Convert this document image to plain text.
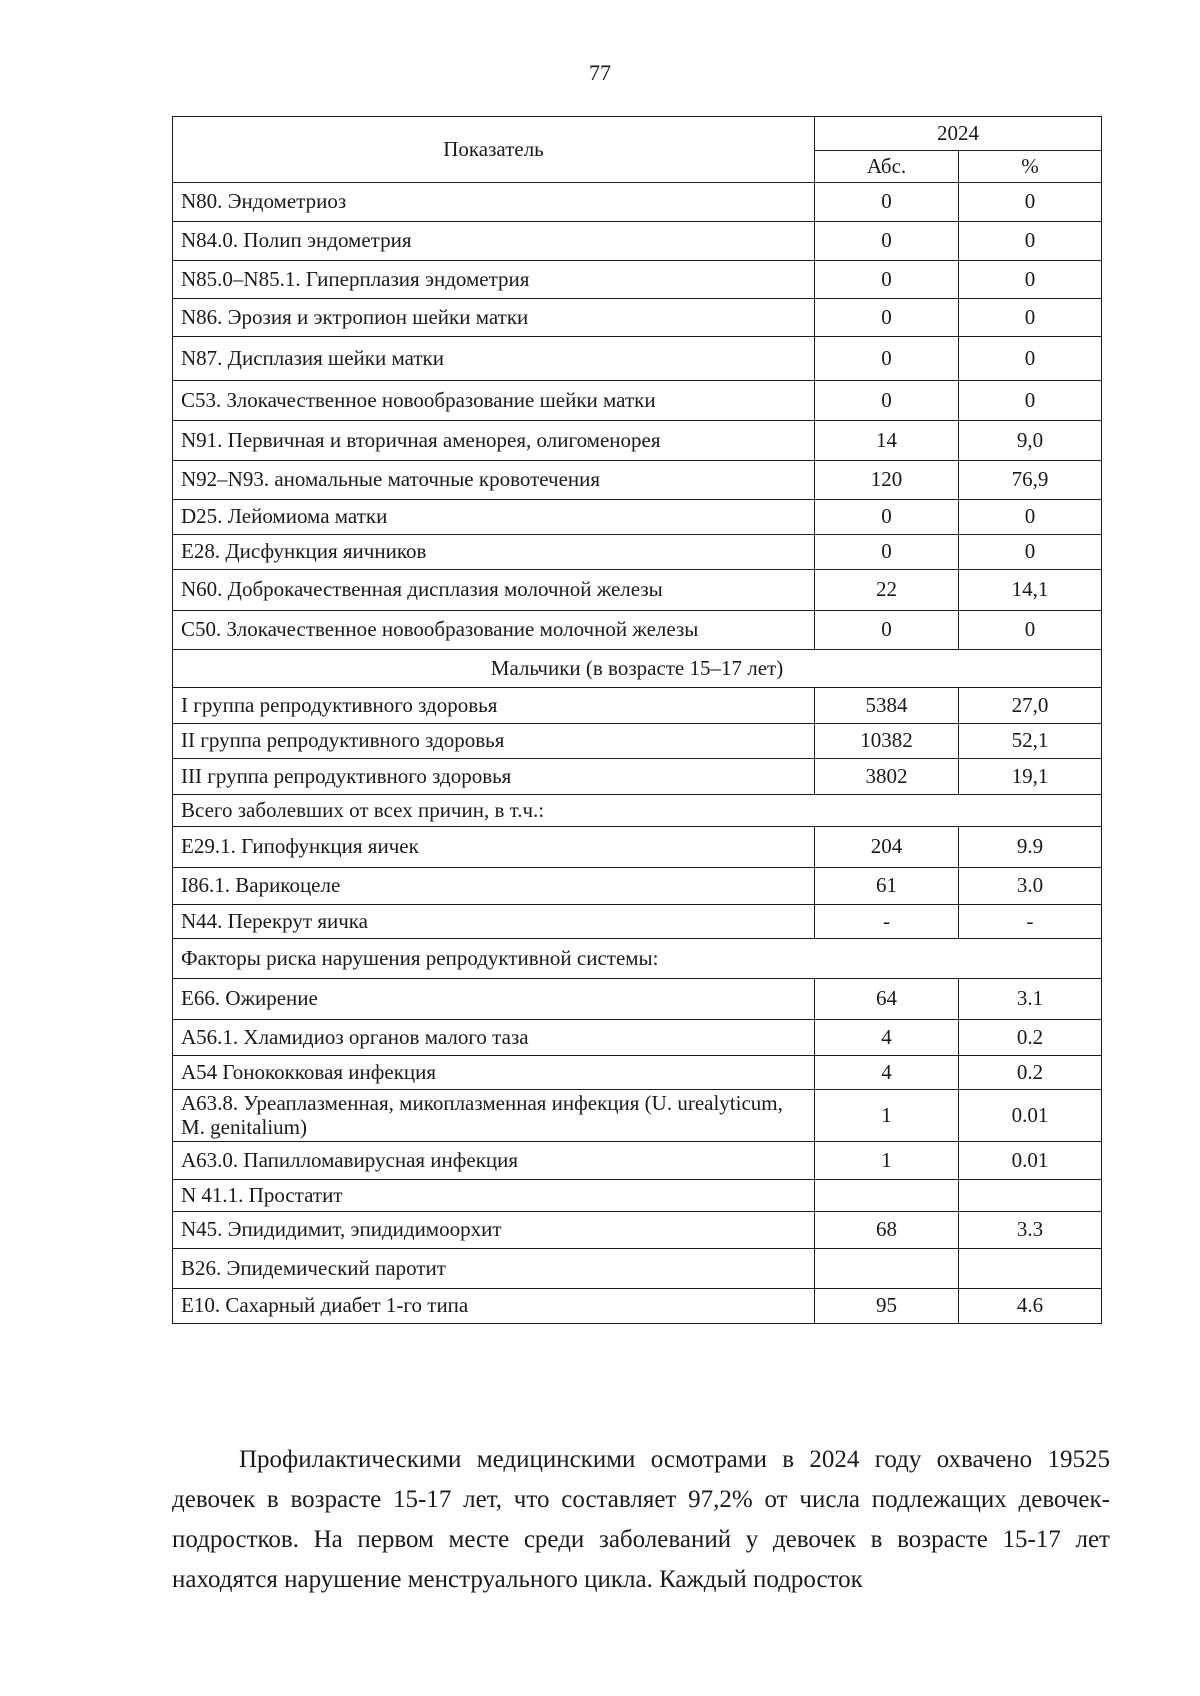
77
Показатель	2024	
	Абс.	%
N80. Эндометриоз	0	0
N84.0. Полип эндометрия	0	0
N85.0–N85.1. Гиперплазия эндометрия	0	0
N86. Эрозия и эктропион шейки матки	0	0
N87. Дисплазия шейки матки	0	0
C53. Злокачественное новообразование шейки матки	0	0
N91. Первичная и вторичная аменорея, олигоменорея	14	9,0
N92–N93. аномальные маточные кровотечения	120	76,9
D25. Лейомиома матки	0	0
E28. Дисфункция яичников	0	0
N60. Доброкачественная дисплазия молочной железы	22	14,1
C50. Злокачественное новообразование молочной железы	0	0
Мальчики (в возрасте 15–17 лет)		
I группа репродуктивного здоровья	5384	27,0
II группа репродуктивного здоровья	10382	52,1
III группа репродуктивного здоровья	3802	19,1
Всего заболевших от всех причин, в т.ч.:		
E29.1. Гипофункция яичек	204	9.9
I86.1. Варикоцеле	61	3.0
N44. Перекрут яичка	-	-
Факторы риска нарушения репродуктивной системы:		
E66. Ожирение	64	3.1
A56.1. Хламидиоз органов малого таза	4	0.2
A54 Гонококковая инфекция	4	0.2
A63.8. Уреаплазменная, микоплазменная инфекция (U. urealyticum, M. genitalium)	1	0.01
A63.0. Папилломавирусная инфекция	1	0.01
N 41.1. Простатит		
N45. Эпидидимит, эпидидимоорхит	68	3.3
B26. Эпидемический паротит		
E10. Сахарный диабет 1-го типа	95	4.6

Профилактическими медицинскими осмотрами в 2024 году охвачено 19525 девочек в возрасте 15-17 лет, что составляет 97,2% от числа подлежащих девочек-подростков. На первом месте среди заболеваний у девочек в возрасте 15-17 лет находятся нарушение менструального цикла. Каждый подросток
